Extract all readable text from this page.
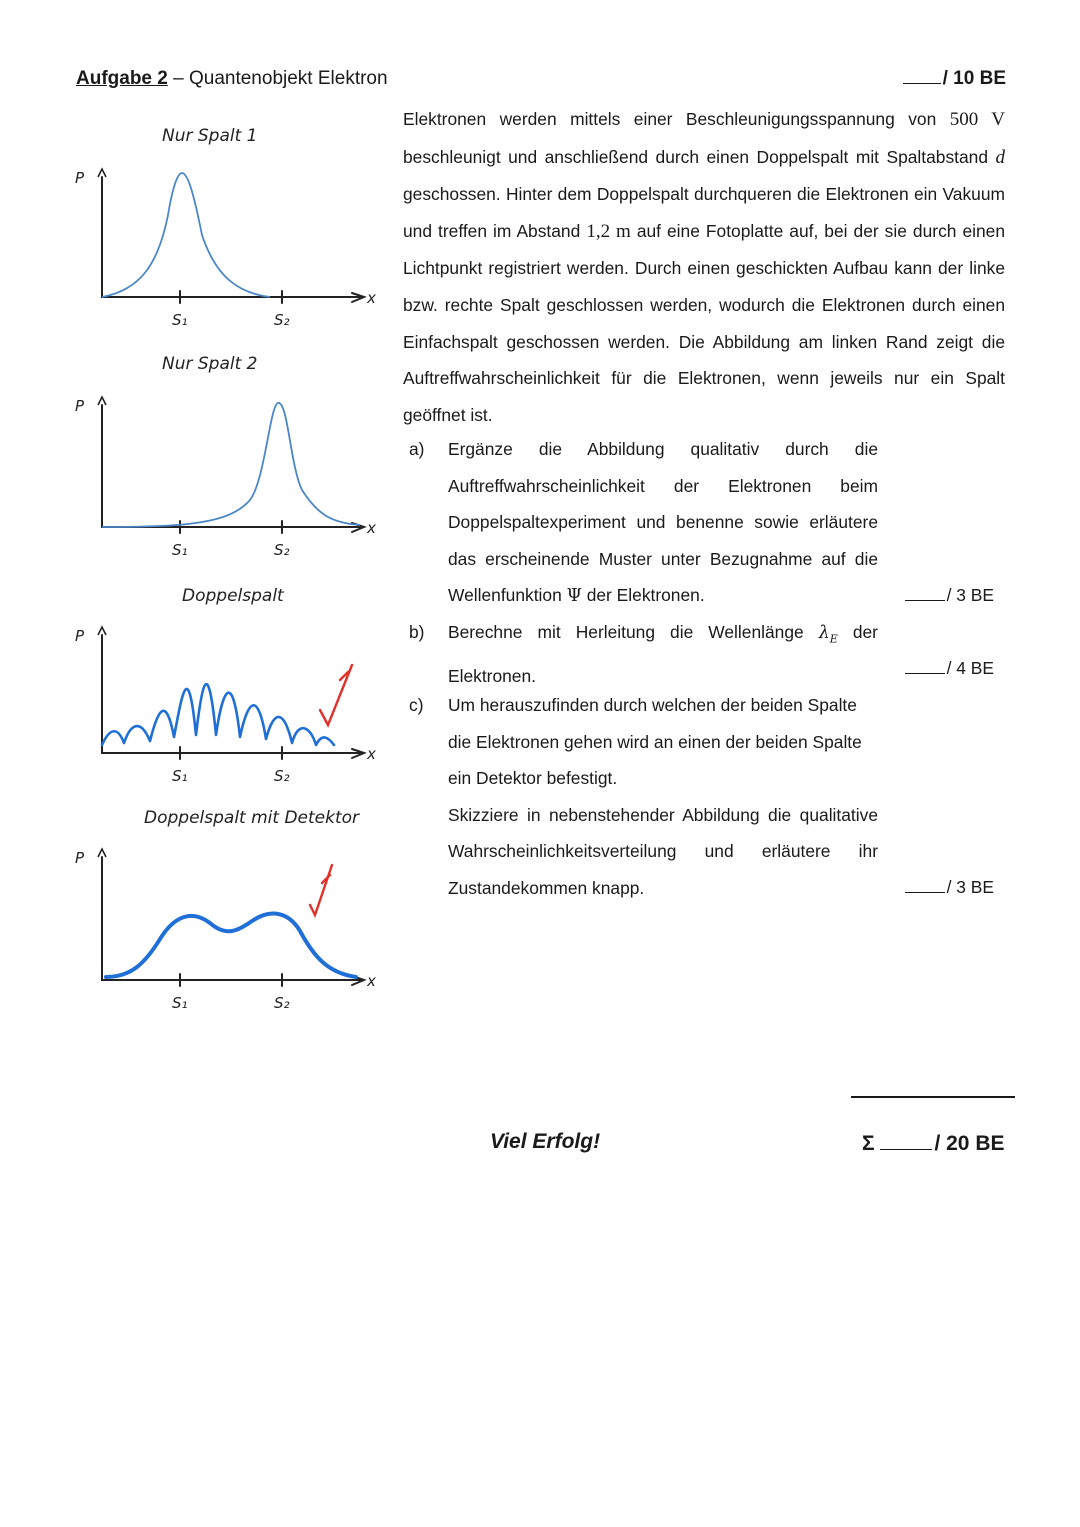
Aufgabe 2 – Quantenobjekt Elektron	/ 10 BE
P
P
P
P
x
x
x
x
Nur Spalt 1
Nur Spalt 2
Doppelspalt
Doppelspalt mit Detektor
S₁	S₂
S₁	S₂
S₁	S₂
S₁	S₂
Elektronen werden mittels einer Beschleunigungsspannung von 500 V beschleunigt und anschließend durch einen Doppelspalt mit Spaltabstand d geschossen. Hinter dem Doppelspalt durchqueren die Elektronen ein Vakuum und treffen im Abstand 1,2 m auf eine Fotoplatte auf, bei der sie durch einen Lichtpunkt registriert werden. Durch einen geschickten Aufbau kann der linke bzw. rechte Spalt geschlossen werden, wodurch die Elektronen durch einen Einfachspalt geschossen werden. Die Abbildung am linken Rand zeigt die Auftreffwahrscheinlichkeit für die Elektronen, wenn jeweils nur ein Spalt geöffnet ist.
a) Ergänze die Abbildung qualitativ durch die Auftreffwahrscheinlichkeit der Elektronen beim Doppelspaltexperiment und benenne sowie erläutere das erscheinende Muster unter Bezugnahme auf die Wellenfunktion Ψ der Elektronen.	/ 3 BE
b) Berechne mit Herleitung die Wellenlänge $\lambda_E$ der Elektronen.	/ 4 BE
c) Um herauszufinden durch welchen der beiden Spalte die Elektronen gehen wird an einen der beiden Spalte ein Detektor befestigt.
Skizziere in nebenstehender Abbildung die qualitative Wahrscheinlichkeitsverteilung und erläutere ihr Zustandekommen knapp.	/ 3 BE
Viel Erfolg!	Σ	/ 20 BE
